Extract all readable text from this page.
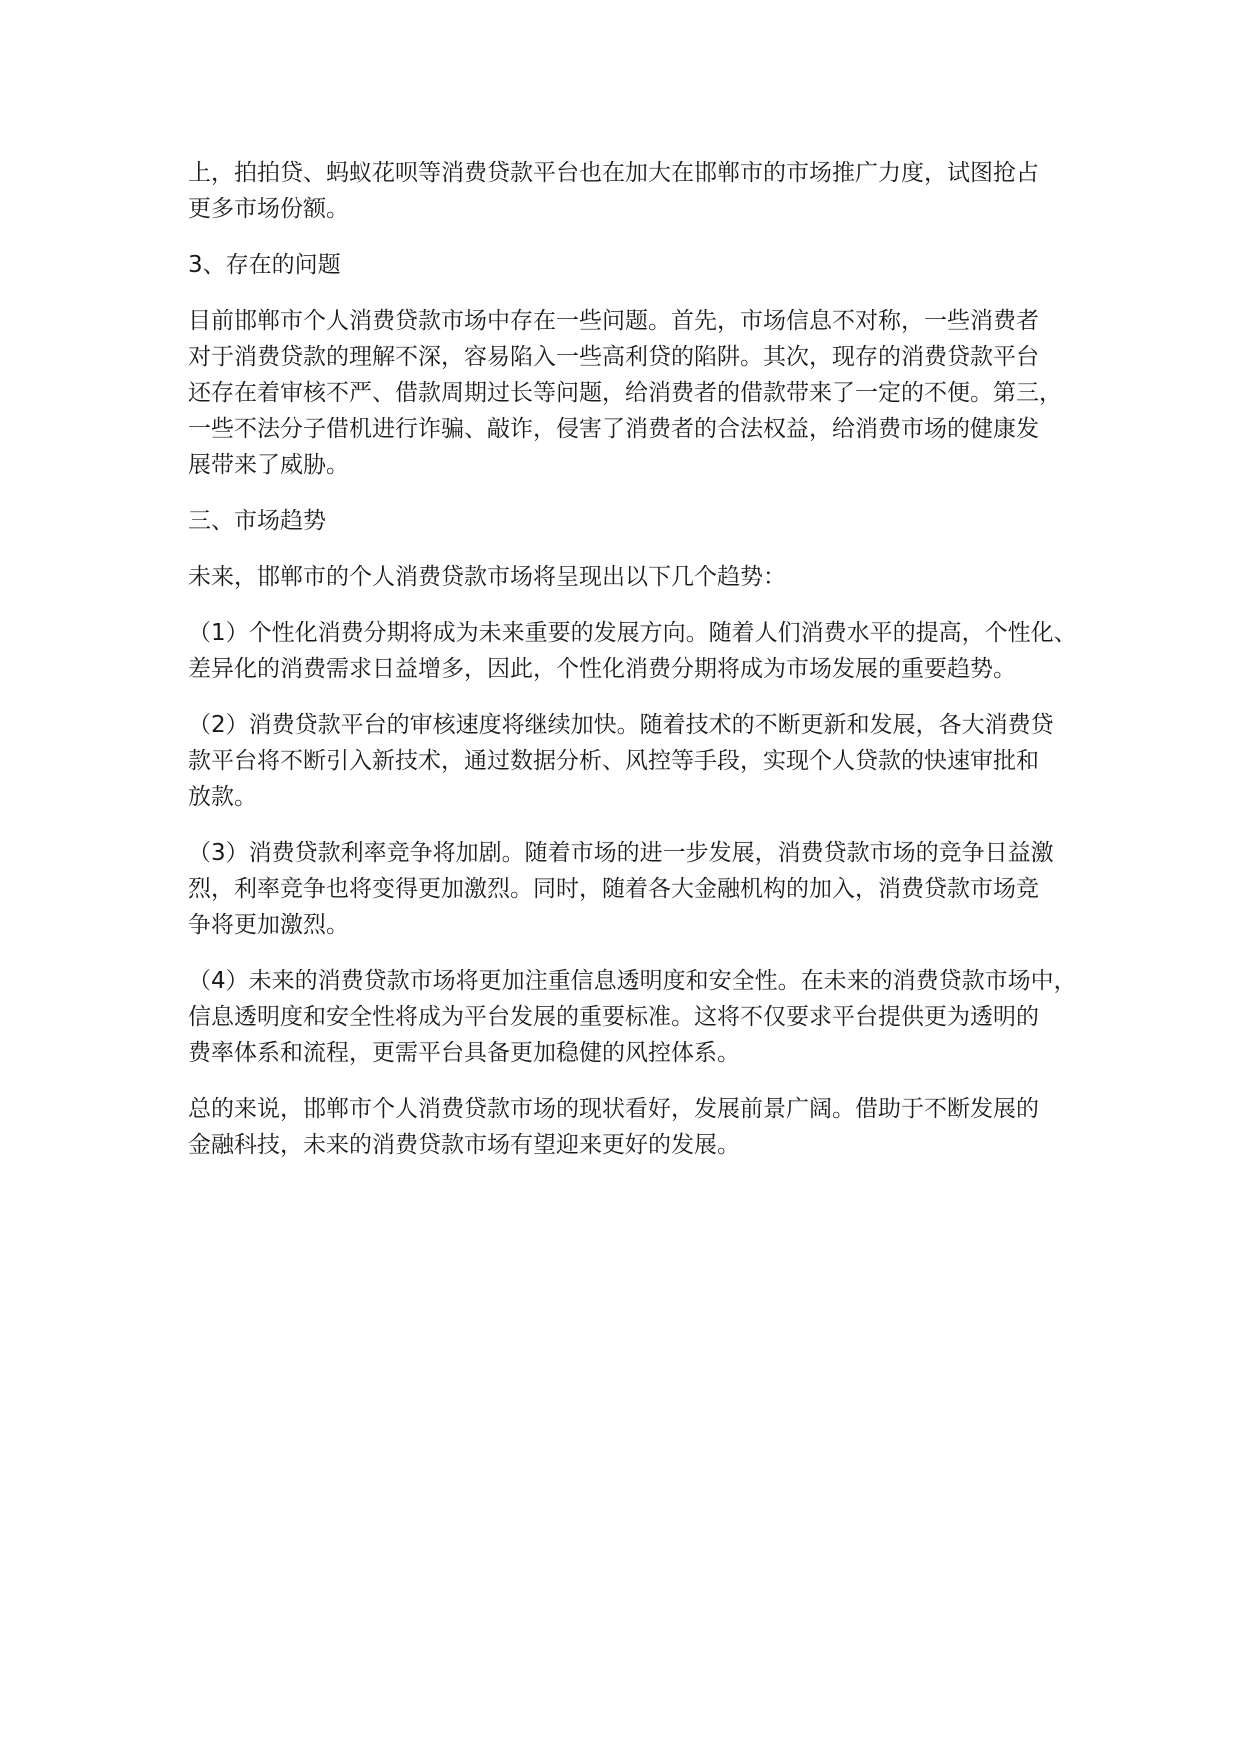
上，拍拍贷、蚂蚁花呗等消费贷款平台也在加大在邯郸市的市场推广力度，试图抢占
更多市场份额。
3、存在的问题
目前邯郸市个人消费贷款市场中存在一些问题。首先，市场信息不对称，一些消费者
对于消费贷款的理解不深，容易陷入一些高利贷的陷阱。其次，现存的消费贷款平台
还存在着审核不严、借款周期过长等问题，给消费者的借款带来了一定的不便。第三，
一些不法分子借机进行诈骗、敲诈，侵害了消费者的合法权益，给消费市场的健康发
展带来了威胁。
三、市场趋势
未来，邯郸市的个人消费贷款市场将呈现出以下几个趋势：
（1）个性化消费分期将成为未来重要的发展方向。随着人们消费水平的提高，个性化、
差异化的消费需求日益增多，因此，个性化消费分期将成为市场发展的重要趋势。
（2）消费贷款平台的审核速度将继续加快。随着技术的不断更新和发展，各大消费贷
款平台将不断引入新技术，通过数据分析、风控等手段，实现个人贷款的快速审批和
放款。
（3）消费贷款利率竞争将加剧。随着市场的进一步发展，消费贷款市场的竞争日益激
烈，利率竞争也将变得更加激烈。同时，随着各大金融机构的加入，消费贷款市场竞
争将更加激烈。
（4）未来的消费贷款市场将更加注重信息透明度和安全性。在未来的消费贷款市场中，
信息透明度和安全性将成为平台发展的重要标准。这将不仅要求平台提供更为透明的
费率体系和流程，更需平台具备更加稳健的风控体系。
总的来说，邯郸市个人消费贷款市场的现状看好，发展前景广阔。借助于不断发展的
金融科技，未来的消费贷款市场有望迎来更好的发展。
